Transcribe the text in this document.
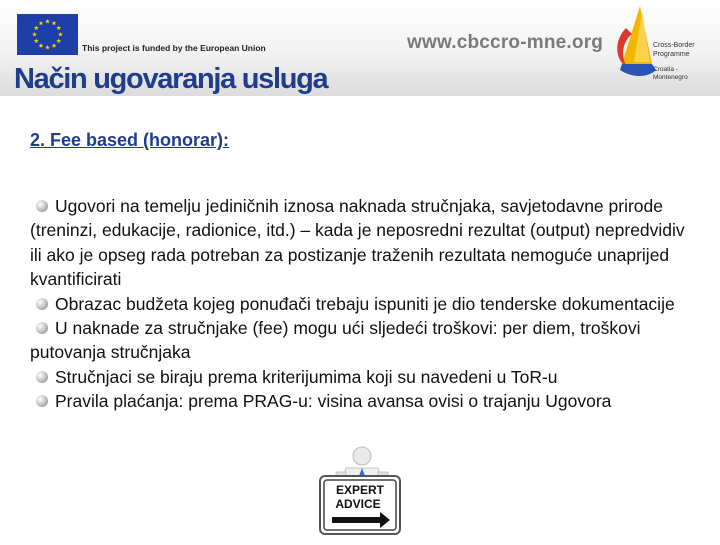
This project is funded by the European Union	www.cbccro-mne.org	Cross-Border
Programme
Croatia - Montenegro
Način ugovaranja usluga
2. Fee based (honorar):

Ugovori na temelju jediničnih iznosa naknada stručnjaka, savjetodavne prirode (treninzi, edukacije, radionice, itd.) – kada je neposredni rezultat (output) nepredvidiv ili ako je opseg rada potreban za postizanje traženih rezultata nemoguće unaprijed kvantificirati

Obrazac budžeta kojeg ponuđači trebaju ispuniti je dio tenderske dokumentacije

U naknade za stručnjake (fee) mogu ući sljedeći troškovi: per diem, troškovi putovanja stručnjaka

Stručnjaci se biraju prema kriterijumima koji su navedeni u ToR-u

Pravila plaćanja: prema PRAG-u: visina avansa ovisi o trajanju Ugovora

EXPERT
ADVICE
